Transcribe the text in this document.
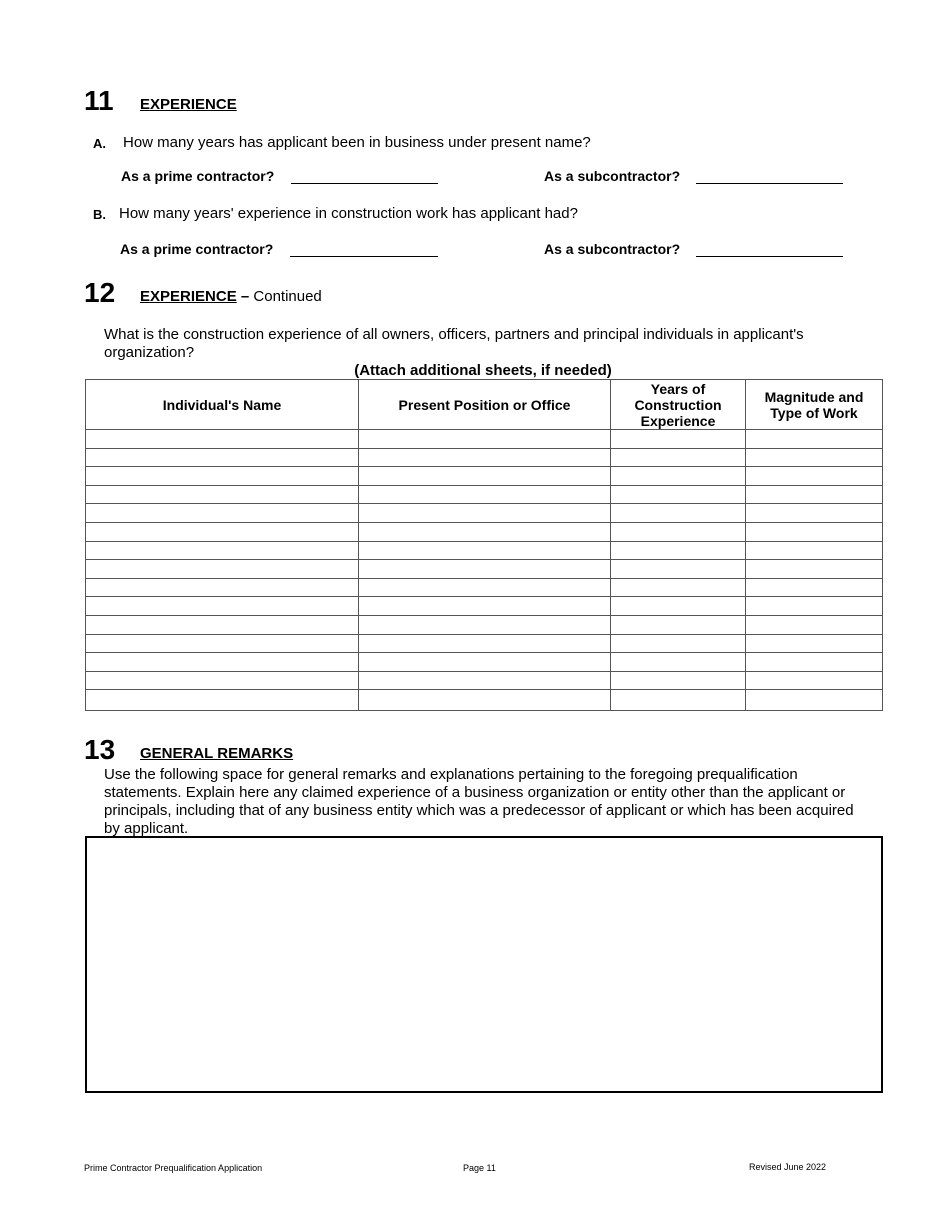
11 EXPERIENCE
A. How many years has applicant been in business under present name?
As a prime contractor?	As a subcontractor?
B. How many years' experience in construction work has applicant had?
As a prime contractor?	As a subcontractor?
12 EXPERIENCE – Continued
What is the construction experience of all owners, officers, partners and principal individuals in applicant's organization?
(Attach additional sheets, if needed)
Individual's Name	Present Position or Office	Years of Construction Experience	Magnitude and Type of Work

13 GENERAL REMARKS
Use the following space for general remarks and explanations pertaining to the foregoing prequalification statements. Explain here any claimed experience of a business organization or entity other than the applicant or principals, including that of any business entity which was a predecessor of applicant or which has been acquired by applicant.
Prime Contractor Prequalification Application	Page 11	Revised June 2022
